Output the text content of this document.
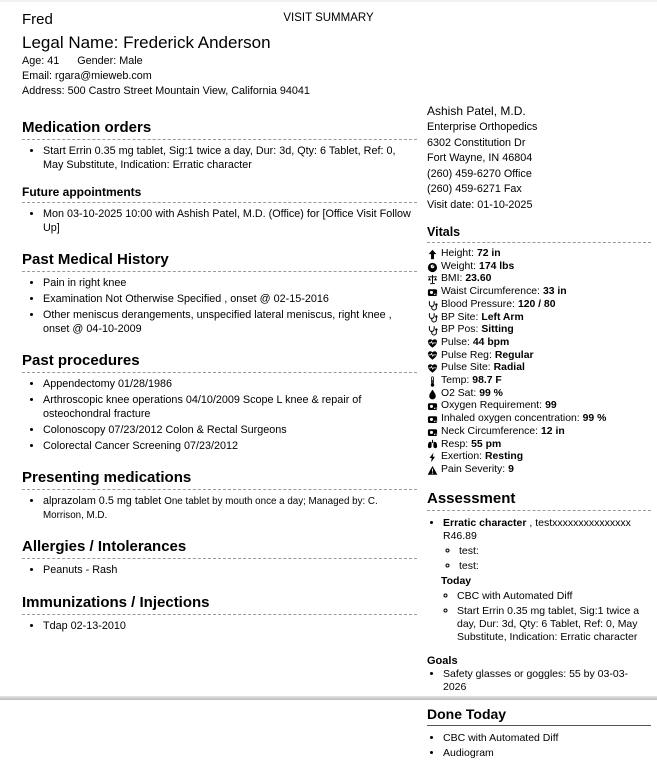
Fred	VISIT SUMMARY
Legal Name: Frederick Anderson
Age: 41 Gender: Male
Email: rgara@mieweb.com
Address: 500 Castro Street Mountain View, California 94041
Medication orders
• Start Errin 0.35 mg tablet, Sig:1 twice a day, Dur: 3d, Qty: 6 Tablet, Ref: 0, May Substitute, Indication: Erratic character
Future appointments
• Mon 03-10-2025 10:00 with Ashish Patel, M.D. (Office) for [Office Visit Follow Up]
Past Medical History
• Pain in right knee
• Examination Not Otherwise Specified , onset @ 02-15-2016
• Other meniscus derangements, unspecified lateral meniscus, right knee , onset @ 04-10-2009
Past procedures
• Appendectomy 01/28/1986
• Arthroscopic knee operations 04/10/2009 Scope L knee & repair of osteochondral fracture
• Colonoscopy 07/23/2012 Colon & Rectal Surgeons
• Colorectal Cancer Screening 07/23/2012
Presenting medications
• alprazolam 0.5 mg tablet One tablet by mouth once a day; Managed by: C. Morrison, M.D.
Allergies / Intolerances
• Peanuts - Rash
Immunizations / Injections
• Tdap 02-13-2010
Ashish Patel, M.D.
Enterprise Orthopedics
6302 Constitution Dr
Fort Wayne, IN 46804
(260) 459-6270 Office
(260) 459-6271 Fax
Visit date: 01-10-2025
Vitals
Height: 72 in
Weight: 174 lbs
BMI: 23.60
Waist Circumference: 33 in
Blood Pressure: 120 / 80
BP Site: Left Arm
BP Pos: Sitting
Pulse: 44 bpm
Pulse Reg: Regular
Pulse Site: Radial
Temp: 98.7 F
O2 Sat: 99 %
Oxygen Requirement: 99
Inhaled oxygen concentration: 99 %
Neck Circumference: 12 in
Resp: 55 pm
Exertion: Resting
Pain Severity: 9
Assessment
• Erratic character , testxxxxxxxxxxxxxxx R46.89
◦ test:
◦ test:
Today
◦ CBC with Automated Diff
◦ Start Errin 0.35 mg tablet, Sig:1 twice a day, Dur: 3d, Qty: 6 Tablet, Ref: 0, May Substitute, Indication: Erratic character
Goals
• Safety glasses or goggles: 55 by 03-03-2026
Done Today
• CBC with Automated Diff
• Audiogram
